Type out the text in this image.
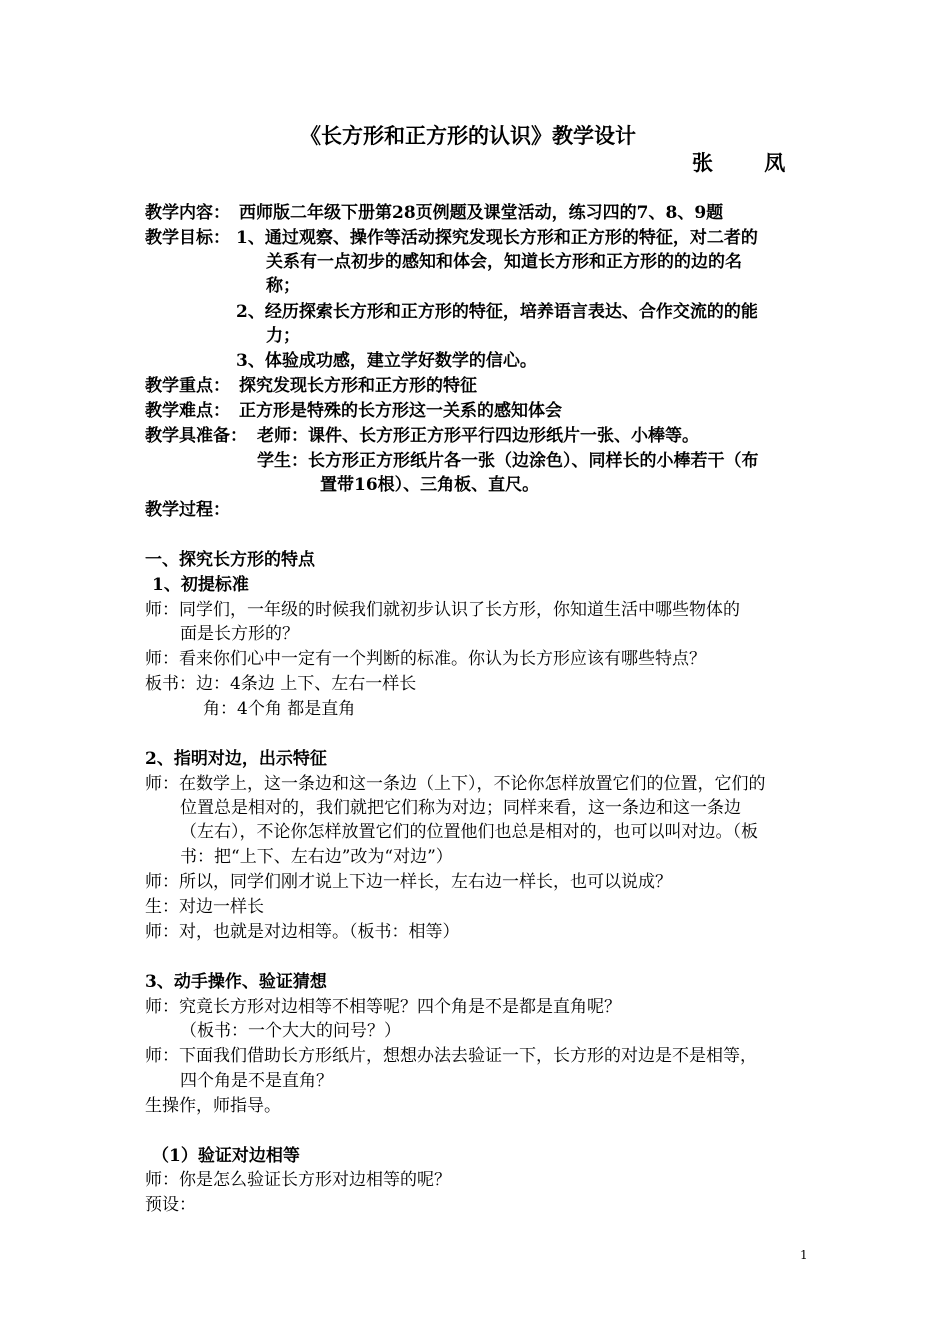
《长方形和正方形的认识》教学设计
张 凤
教学内容： 西师版二年级下册第28页例题及课堂活动，练习四的7、8、9题
教学目标： 1、通过观察、操作等活动探究发现长方形和正方形的特征，对二者的
关系有一点初步的感知和体会，知道长方形和正方形的的边的名
称；
2、经历探索长方形和正方形的特征，培养语言表达、合作交流的的能
力；
3、体验成功感，建立学好数学的信心。
教学重点： 探究发现长方形和正方形的特征
教学难点： 正方形是特殊的长方形这一关系的感知体会
教学具准备： 老师：课件、长方形正方形平行四边形纸片一张、小棒等。
学生：长方形正方形纸片各一张（边涂色）、同样长的小棒若干（布
置带16根）、三角板、直尺。
教学过程：
一、探究长方形的特点
1、初提标准
师：同学们，一年级的时候我们就初步认识了长方形，你知道生活中哪些物体的
面是长方形的？
师：看来你们心中一定有一个判断的标准。你认为长方形应该有哪些特点？
板书：边：4条边 上下、左右一样长
角：4个角 都是直角
2、指明对边，出示特征
师：在数学上，这一条边和这一条边（上下），不论你怎样放置它们的位置，它们的
位置总是相对的，我们就把它们称为对边；同样来看，这一条边和这一条边
（左右），不论你怎样放置它们的位置他们也总是相对的，也可以叫对边。（板
书：把“上下、左右边”改为“对边”）
师：所以，同学们刚才说上下边一样长，左右边一样长，也可以说成？
生：对边一样长
师：对，也就是对边相等。（板书：相等）
3、动手操作、验证猜想
师：究竟长方形对边相等不相等呢？四个角是不是都是直角呢？
（板书：一个大大的问号？）
师：下面我们借助长方形纸片，想想办法去验证一下，长方形的对边是不是相等，
四个角是不是直角？
生操作，师指导。
（1）验证对边相等
师：你是怎么验证长方形对边相等的呢？
预设：
1
